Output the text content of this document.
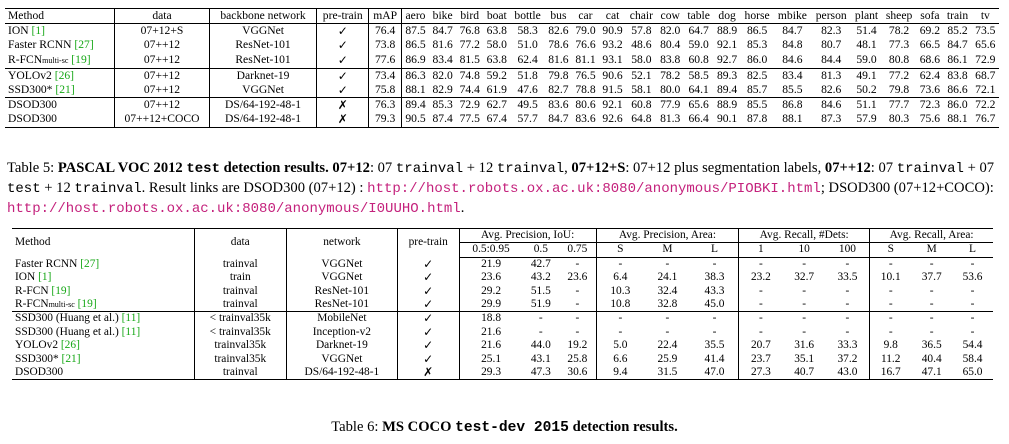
Method	data	backbone network	pre-train	mAP	aero	bike	bird	boat	bottle	bus	car	cat	chair	cow	table	dog	horse	mbike	person	plant	sheep	sofa	train	tv
ION [1]	07+12+S	VGGNet	✓	76.4	87.5	84.7	76.8	63.8	58.3	82.6	79.0	90.9	57.8	82.0	64.7	88.9	86.5	84.7	82.3	51.4	78.2	69.2	85.2	73.5
Faster RCNN [27]	07++12	ResNet-101	✓	73.8	86.5	81.6	77.2	58.0	51.0	78.6	76.6	93.2	48.6	80.4	59.0	92.1	85.3	84.8	80.7	48.1	77.3	66.5	84.7	65.6
R-FCNmulti-sc [19]	07++12	ResNet-101	✓	77.6	86.9	83.4	81.5	63.8	62.4	81.6	81.1	93.1	58.0	83.8	60.8	92.7	86.0	84.6	84.4	59.0	80.8	68.6	86.1	72.9
YOLOv2 [26]	07++12	Darknet-19	✓	73.4	86.3	82.0	74.8	59.2	51.8	79.8	76.5	90.6	52.1	78.2	58.5	89.3	82.5	83.4	81.3	49.1	77.2	62.4	83.8	68.7
SSD300* [21]	07++12	VGGNet	✓	75.8	88.1	82.9	74.4	61.9	47.6	82.7	78.8	91.5	58.1	80.0	64.1	89.4	85.7	85.5	82.6	50.2	79.8	73.6	86.6	72.1
DSOD300	07++12	DS/64-192-48-1	✗	76.3	89.4	85.3	72.9	62.7	49.5	83.6	80.6	92.1	60.8	77.9	65.6	88.9	85.5	86.8	84.6	51.1	77.7	72.3	86.0	72.2
DSOD300	07++12+COCO	DS/64-192-48-1	✗	79.3	90.5	87.4	77.5	67.4	57.7	84.7	83.6	92.6	64.8	81.3	66.4	90.1	87.8	88.1	87.3	57.9	80.3	75.6	88.1	76.7
Table 5: PASCAL VOC 2012 test detection results. 07+12: 07 trainval + 12 trainval, 07+12+S: 07+12 plus segmentation labels, 07++12: 07 trainval + 07 test + 12 trainval. Result links are DSOD300 (07+12) : http://host.robots.ox.ac.uk:8080/anonymous/PIOBKI.html; DSOD300 (07+12+COCO): http://host.robots.ox.ac.uk:8080/anonymous/I0UUHO.html.
Method	data	network	pre-train	Avg. Precision, IoU:			Avg. Precision, Area:			Avg. Recall, #Dets:			Avg. Recall, Area:		
				0.5:0.95	0.5	0.75	S	M	L	1	10	100	S	M	L
Faster RCNN [27]	trainval	VGGNet	✓	21.9	42.7	-	-	-	-	-	-	-	-	-	-
ION [1]	train	VGGNet	✓	23.6	43.2	23.6	6.4	24.1	38.3	23.2	32.7	33.5	10.1	37.7	53.6
R-FCN [19]	trainval	ResNet-101	✓	29.2	51.5	-	10.3	32.4	43.3	-	-	-	-	-	-
R-FCNmulti-sc [19]	trainval	ResNet-101	✓	29.9	51.9	-	10.8	32.8	45.0	-	-	-	-	-	-
SSD300 (Huang et al.) [11]	< trainval35k	MobileNet	✓	18.8	-	-	-	-	-	-	-	-	-	-	-
SSD300 (Huang et al.) [11]	< trainval35k	Inception-v2	✓	21.6	-	-	-	-	-	-	-	-	-	-	-
YOLOv2 [26]	trainval35k	Darknet-19	✓	21.6	44.0	19.2	5.0	22.4	35.5	20.7	31.6	33.3	9.8	36.5	54.4
SSD300* [21]	trainval35k	VGGNet	✓	25.1	43.1	25.8	6.6	25.9	41.4	23.7	35.1	37.2	11.2	40.4	58.4
DSOD300	trainval	DS/64-192-48-1	✗	29.3	47.3	30.6	9.4	31.5	47.0	27.3	40.7	43.0	16.7	47.1	65.0
Table 6: MS COCO test-dev 2015 detection results.
